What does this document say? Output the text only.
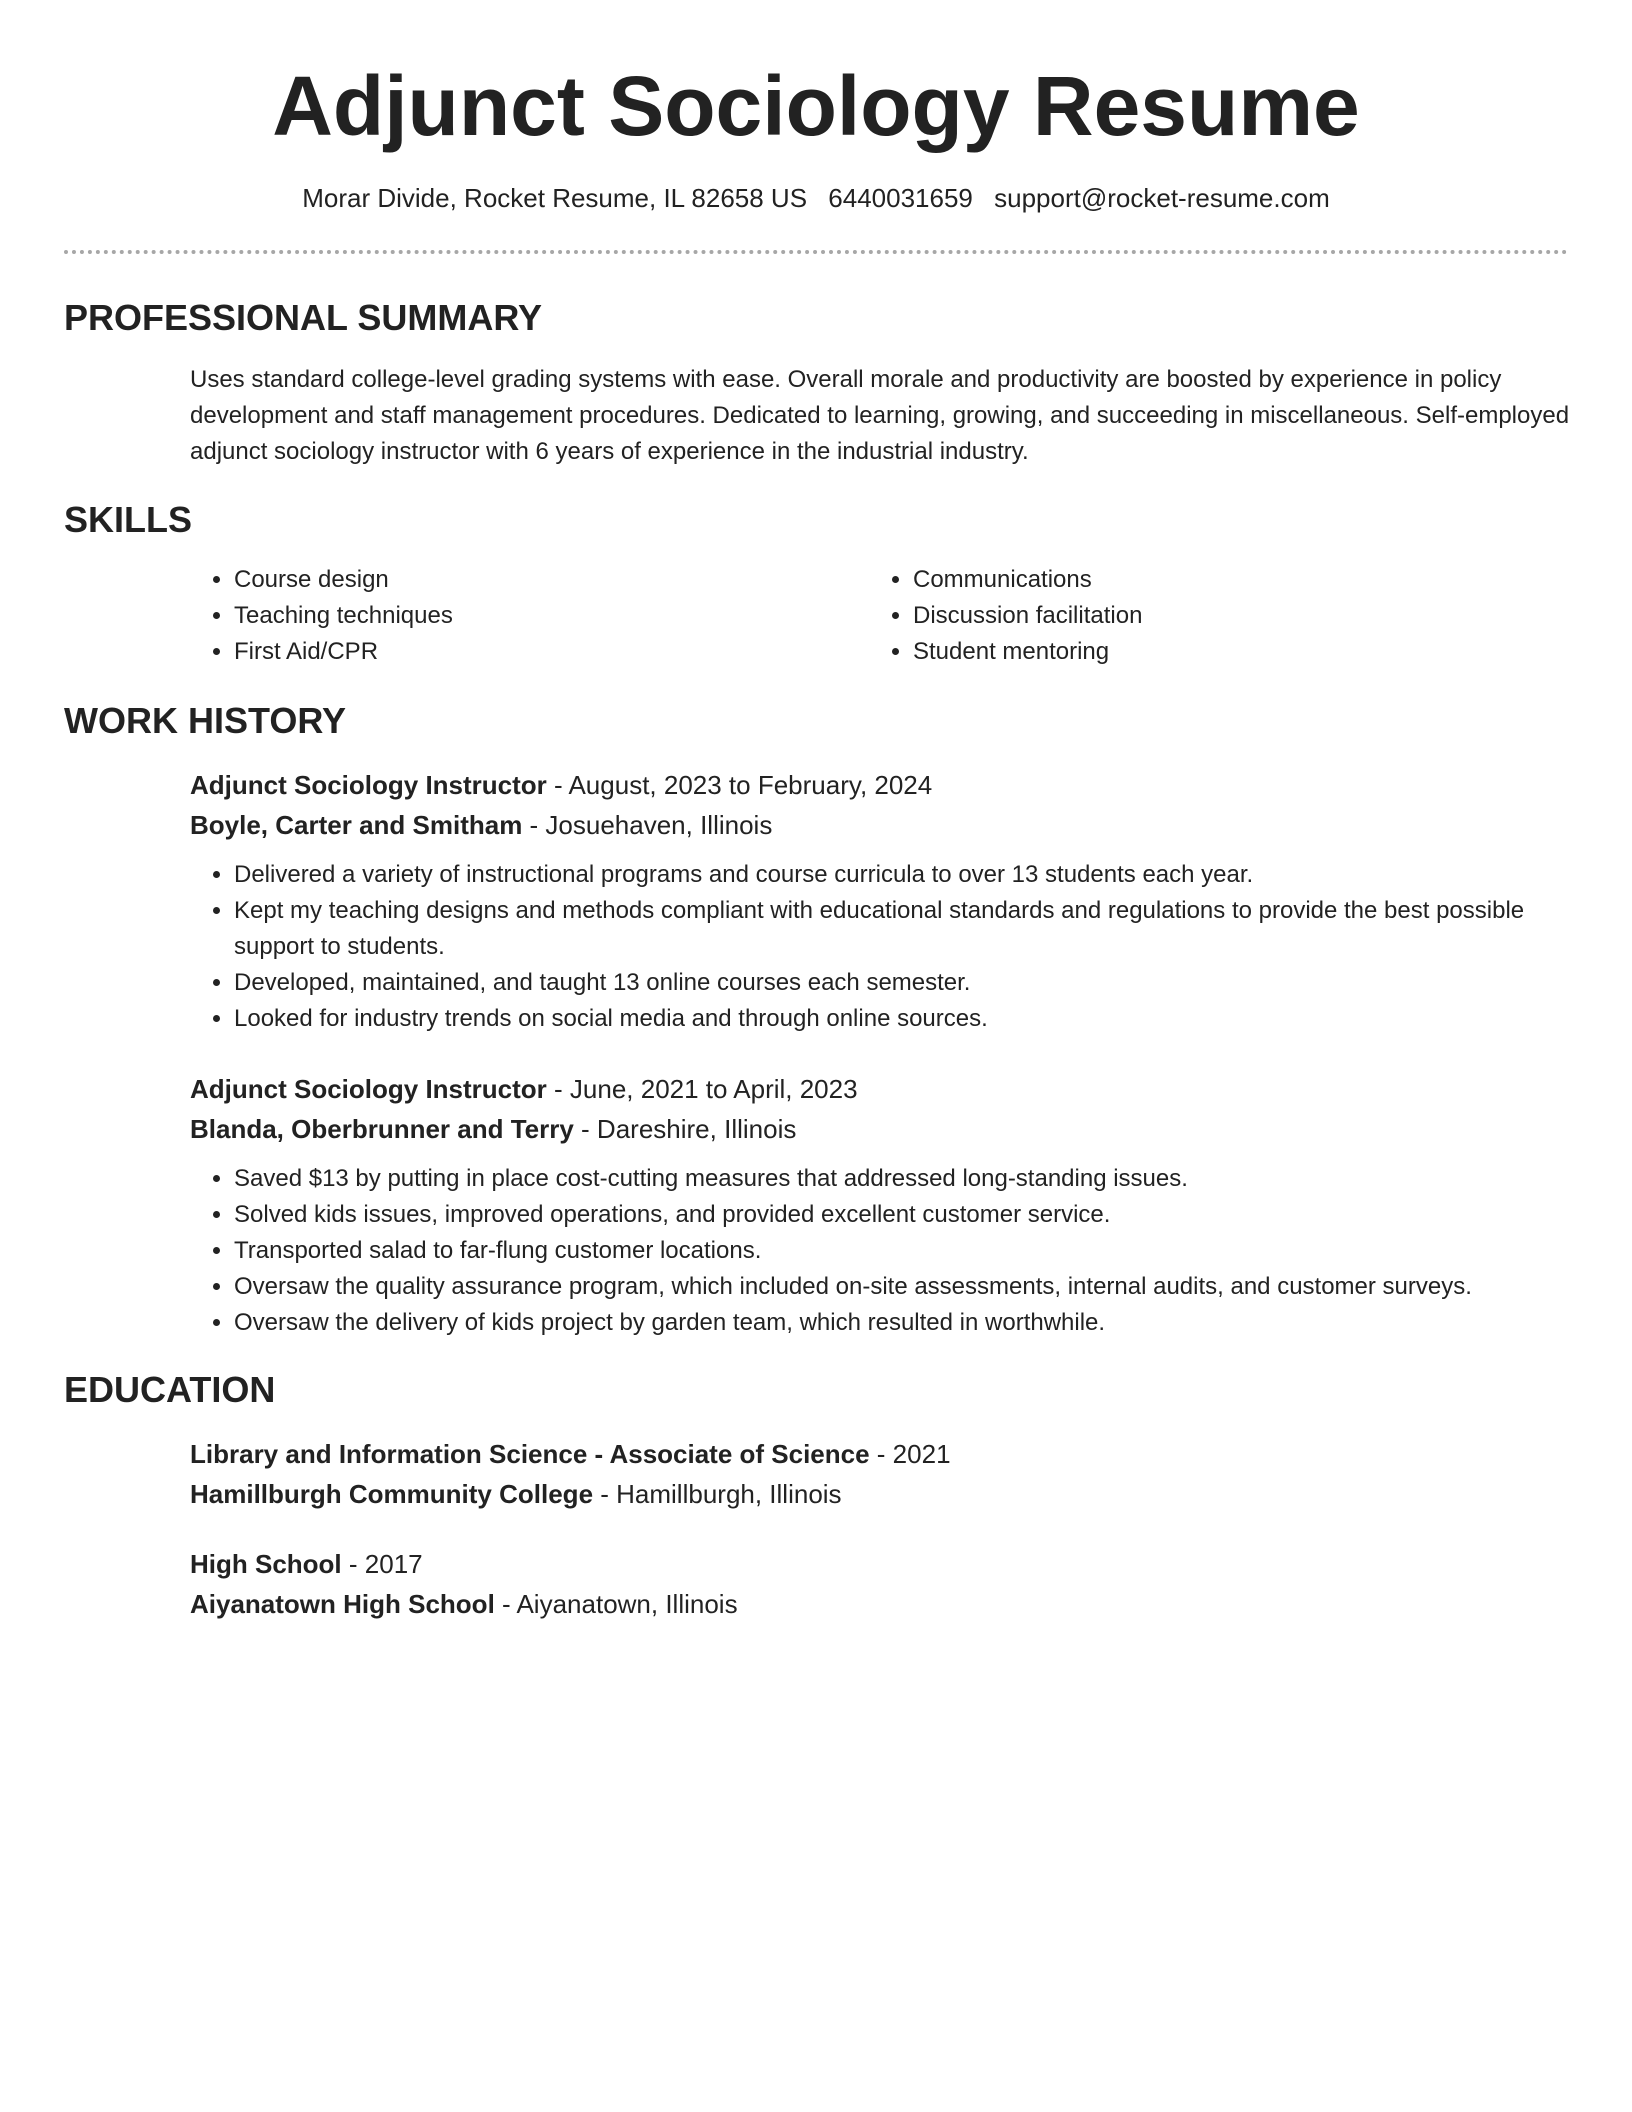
Adjunct Sociology Resume
Morar Divide, Rocket Resume, IL 82658 US 6440031659 support@rocket-resume.com
PROFESSIONAL SUMMARY
Uses standard college-level grading systems with ease. Overall morale and productivity are boosted by experience in policy development and staff management procedures. Dedicated to learning, growing, and succeeding in miscellaneous. Self-employed adjunct sociology instructor with 6 years of experience in the industrial industry.
SKILLS
• Course design
• Teaching techniques
• First Aid/CPR
• Communications
• Discussion facilitation
• Student mentoring
WORK HISTORY
Adjunct Sociology Instructor - August, 2023 to February, 2024
Boyle, Carter and Smitham - Josuehaven, Illinois
• Delivered a variety of instructional programs and course curricula to over 13 students each year.
• Kept my teaching designs and methods compliant with educational standards and regulations to provide the best possible support to students.
• Developed, maintained, and taught 13 online courses each semester.
• Looked for industry trends on social media and through online sources.
Adjunct Sociology Instructor - June, 2021 to April, 2023
Blanda, Oberbrunner and Terry - Dareshire, Illinois
• Saved $13 by putting in place cost-cutting measures that addressed long-standing issues.
• Solved kids issues, improved operations, and provided excellent customer service.
• Transported salad to far-flung customer locations.
• Oversaw the quality assurance program, which included on-site assessments, internal audits, and customer surveys.
• Oversaw the delivery of kids project by garden team, which resulted in worthwhile.
EDUCATION
Library and Information Science - Associate of Science - 2021
Hamillburgh Community College - Hamillburgh, Illinois
High School - 2017
Aiyanatown High School - Aiyanatown, Illinois
